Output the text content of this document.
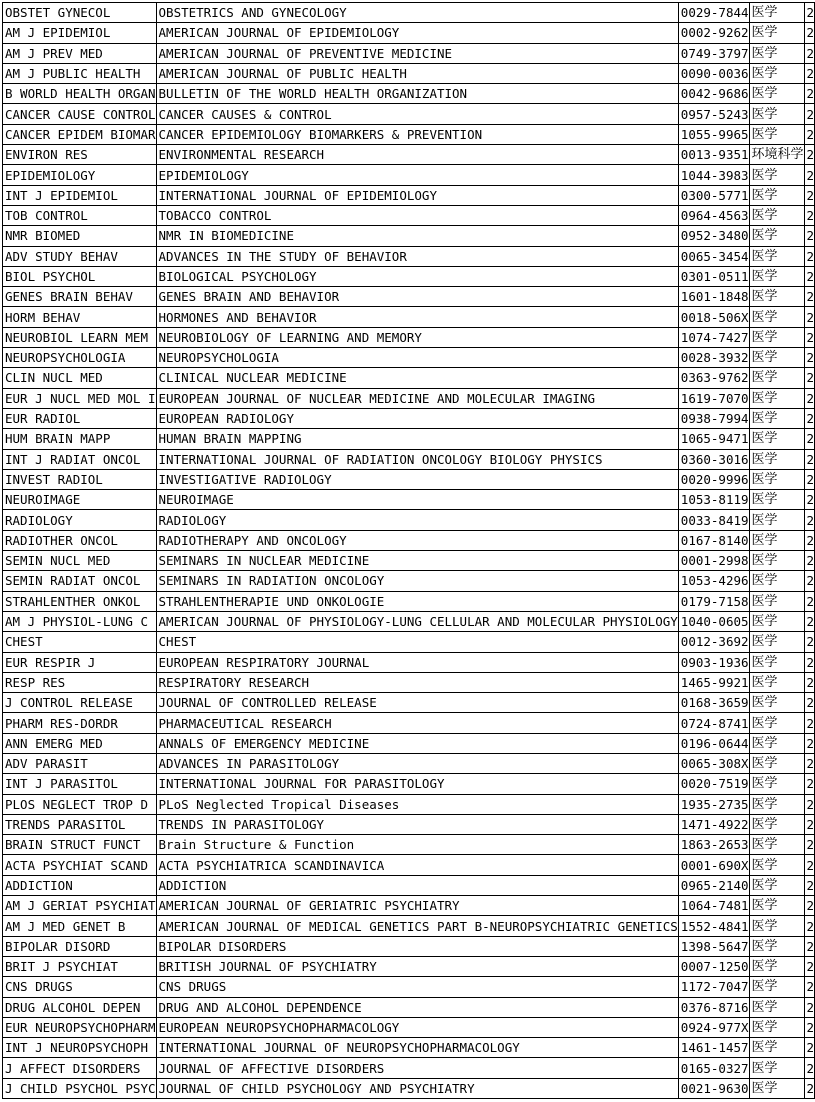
OBSTET GYNECOL	OBSTETRICS AND GYNECOLOGY	0029-7844	医学	2
AM J EPIDEMIOL	AMERICAN JOURNAL OF EPIDEMIOLOGY	0002-9262	医学	2
AM J PREV MED	AMERICAN JOURNAL OF PREVENTIVE MEDICINE	0749-3797	医学	2
AM J PUBLIC HEALTH	AMERICAN JOURNAL OF PUBLIC HEALTH	0090-0036	医学	2
B WORLD HEALTH ORGAN	BULLETIN OF THE WORLD HEALTH ORGANIZATION	0042-9686	医学	2
CANCER CAUSE CONTROL	CANCER CAUSES & CONTROL	0957-5243	医学	2
CANCER EPIDEM BIOMAR	CANCER EPIDEMIOLOGY BIOMARKERS & PREVENTION	1055-9965	医学	2
ENVIRON RES	ENVIRONMENTAL RESEARCH	0013-9351	环境科学	2
EPIDEMIOLOGY	EPIDEMIOLOGY	1044-3983	医学	2
INT J EPIDEMIOL	INTERNATIONAL JOURNAL OF EPIDEMIOLOGY	0300-5771	医学	2
TOB CONTROL	TOBACCO CONTROL	0964-4563	医学	2
NMR BIOMED	NMR IN BIOMEDICINE	0952-3480	医学	2
ADV STUDY BEHAV	ADVANCES IN THE STUDY OF BEHAVIOR	0065-3454	医学	2
BIOL PSYCHOL	BIOLOGICAL PSYCHOLOGY	0301-0511	医学	2
GENES BRAIN BEHAV	GENES BRAIN AND BEHAVIOR	1601-1848	医学	2
HORM BEHAV	HORMONES AND BEHAVIOR	0018-506X	医学	2
NEUROBIOL LEARN MEM	NEUROBIOLOGY OF LEARNING AND MEMORY	1074-7427	医学	2
NEUROPSYCHOLOGIA	NEUROPSYCHOLOGIA	0028-3932	医学	2
CLIN NUCL MED	CLINICAL NUCLEAR MEDICINE	0363-9762	医学	2
EUR J NUCL MED MOL I	EUROPEAN JOURNAL OF NUCLEAR MEDICINE AND MOLECULAR IMAGING	1619-7070	医学	2
EUR RADIOL	EUROPEAN RADIOLOGY	0938-7994	医学	2
HUM BRAIN MAPP	HUMAN BRAIN MAPPING	1065-9471	医学	2
INT J RADIAT ONCOL	INTERNATIONAL JOURNAL OF RADIATION ONCOLOGY BIOLOGY PHYSICS	0360-3016	医学	2
INVEST RADIOL	INVESTIGATIVE RADIOLOGY	0020-9996	医学	2
NEUROIMAGE	NEUROIMAGE	1053-8119	医学	2
RADIOLOGY	RADIOLOGY	0033-8419	医学	2
RADIOTHER ONCOL	RADIOTHERAPY AND ONCOLOGY	0167-8140	医学	2
SEMIN NUCL MED	SEMINARS IN NUCLEAR MEDICINE	0001-2998	医学	2
SEMIN RADIAT ONCOL	SEMINARS IN RADIATION ONCOLOGY	1053-4296	医学	2
STRAHLENTHER ONKOL	STRAHLENTHERAPIE UND ONKOLOGIE	0179-7158	医学	2
AM J PHYSIOL-LUNG C	AMERICAN JOURNAL OF PHYSIOLOGY-LUNG CELLULAR AND MOLECULAR PHYSIOLOGY	1040-0605	医学	2
CHEST	CHEST	0012-3692	医学	2
EUR RESPIR J	EUROPEAN RESPIRATORY JOURNAL	0903-1936	医学	2
RESP RES	RESPIRATORY RESEARCH	1465-9921	医学	2
J CONTROL RELEASE	JOURNAL OF CONTROLLED RELEASE	0168-3659	医学	2
PHARM RES-DORDR	PHARMACEUTICAL RESEARCH	0724-8741	医学	2
ANN EMERG MED	ANNALS OF EMERGENCY MEDICINE	0196-0644	医学	2
ADV PARASIT	ADVANCES IN PARASITOLOGY	0065-308X	医学	2
INT J PARASITOL	INTERNATIONAL JOURNAL FOR PARASITOLOGY	0020-7519	医学	2
PLOS NEGLECT TROP D	PLoS Neglected Tropical Diseases	1935-2735	医学	2
TRENDS PARASITOL	TRENDS IN PARASITOLOGY	1471-4922	医学	2
BRAIN STRUCT FUNCT	Brain Structure & Function	1863-2653	医学	2
ACTA PSYCHIAT SCAND	ACTA PSYCHIATRICA SCANDINAVICA	0001-690X	医学	2
ADDICTION	ADDICTION	0965-2140	医学	2
AM J GERIAT PSYCHIAT	AMERICAN JOURNAL OF GERIATRIC PSYCHIATRY	1064-7481	医学	2
AM J MED GENET B	AMERICAN JOURNAL OF MEDICAL GENETICS PART B-NEUROPSYCHIATRIC GENETICS	1552-4841	医学	2
BIPOLAR DISORD	BIPOLAR DISORDERS	1398-5647	医学	2
BRIT J PSYCHIAT	BRITISH JOURNAL OF PSYCHIATRY	0007-1250	医学	2
CNS DRUGS	CNS DRUGS	1172-7047	医学	2
DRUG ALCOHOL DEPEN	DRUG AND ALCOHOL DEPENDENCE	0376-8716	医学	2
EUR NEUROPSYCHOPHARM	EUROPEAN NEUROPSYCHOPHARMACOLOGY	0924-977X	医学	2
INT J NEUROPSYCHOPH	INTERNATIONAL JOURNAL OF NEUROPSYCHOPHARMACOLOGY	1461-1457	医学	2
J AFFECT DISORDERS	JOURNAL OF AFFECTIVE DISORDERS	0165-0327	医学	2
J CHILD PSYCHOL PSYC	JOURNAL OF CHILD PSYCHOLOGY AND PSYCHIATRY	0021-9630	医学	2
